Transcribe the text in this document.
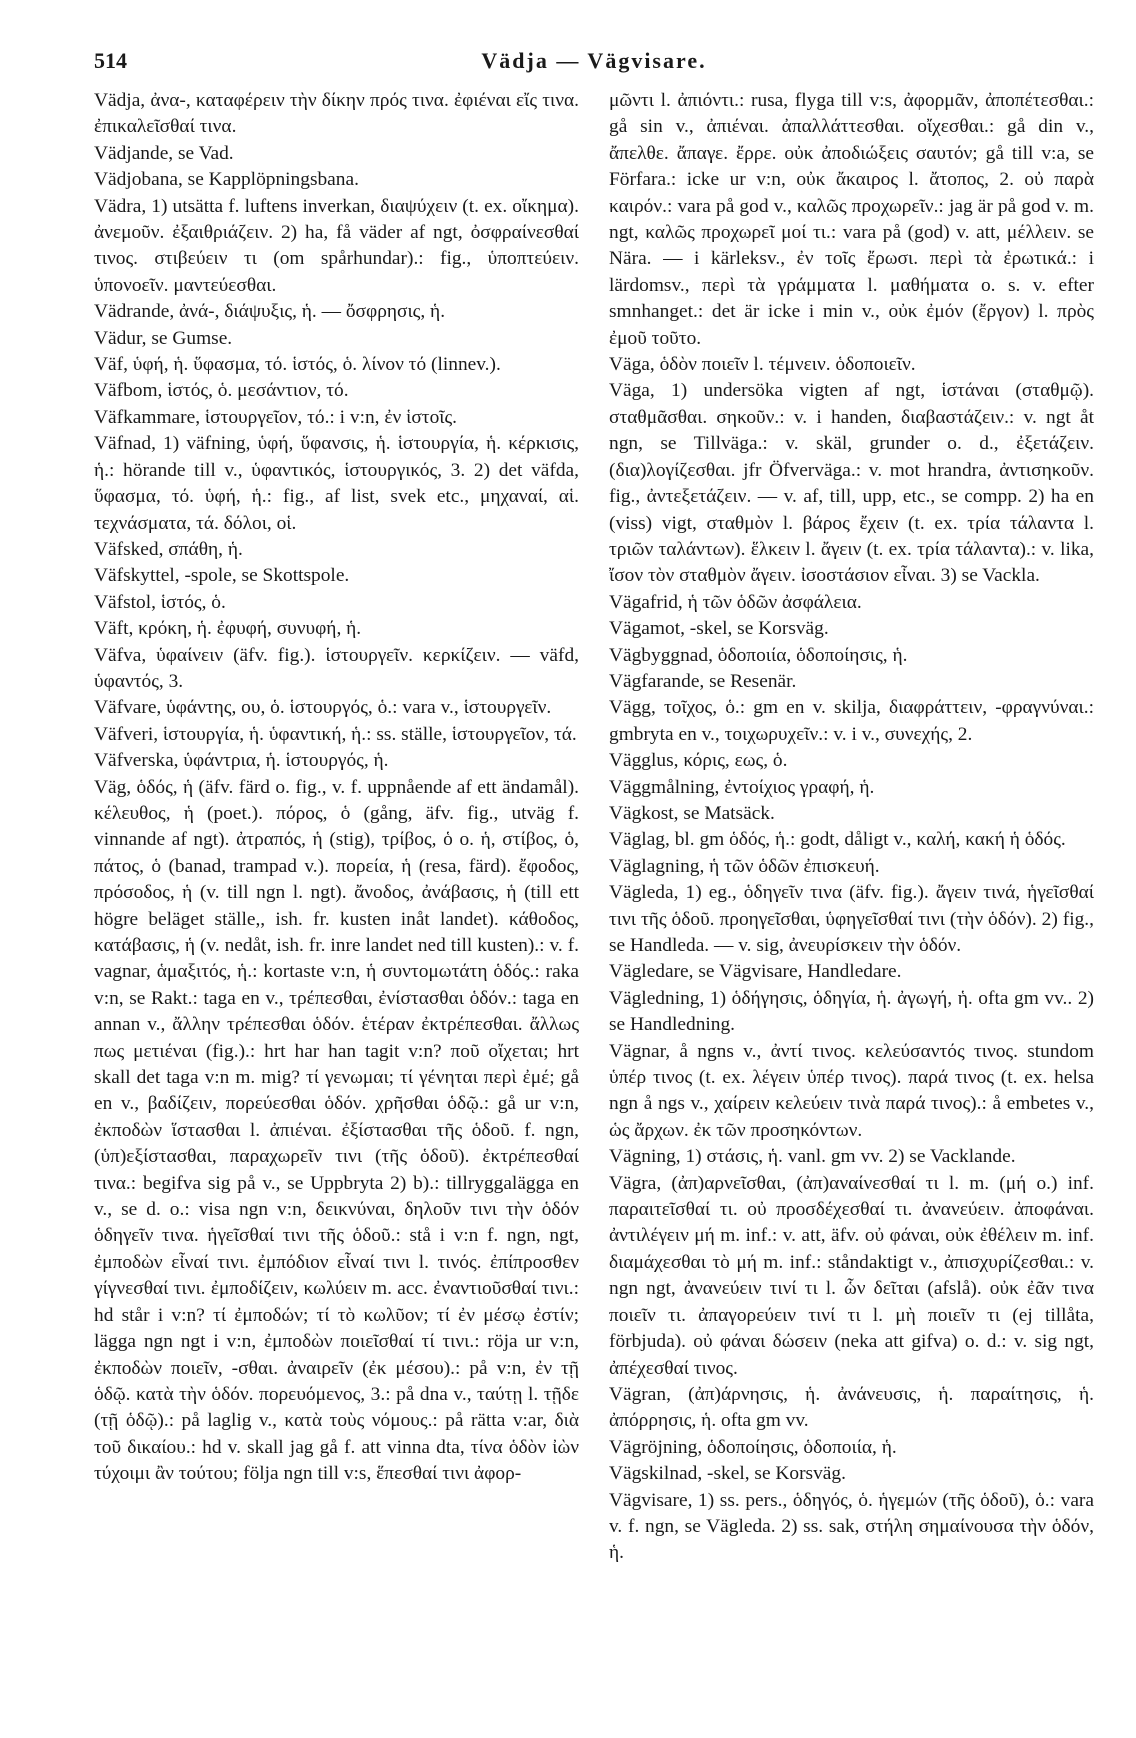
514	Vädja — Vägvisare.

Vädja, ἀνα-, καταφέρειν τὴν δίκην πρός τινα. ἐφιέναι εἴς τινα. ἐπικαλεῖσθαί τινα.

Vädjande, se Vad.

Vädjobana, se Kapplöpningsbana.

Vädra, 1) utsätta f. luftens inverkan, διαψύχειν (t. ex. οἴκημα). ἀνεμοῦν. ἐξαιθριάζειν. 2) ha, få väder af ngt, ὀσφραίνεσθαί τινος. στιβεύειν τι (om spårhundar).: fig., ὑποπτεύειν. ὑπονοεῖν. μαντεύεσθαι.

Vädrande, ἀνά-, διάψυξις, ἡ. — ὄσφρησις, ἡ.

Vädur, se Gumse.

Väf, ὑφή, ἡ. ὕφασμα, τό. ἱστός, ὁ. λίνον τό (linnev.).

Väfbom, ἱστός, ὁ. μεσάντιον, τό.

Väfkammare, ἱστουργεῖον, τό.: i v:n, ἐν ἱστοῖς.

Väfnad, 1) väfning, ὑφή, ὕφανσις, ἡ. ἱστουργία, ἡ. κέρκισις, ἡ.: hörande till v., ὑφαντικός, ἱστουργικός, 3. 2) det väfda, ὕφασμα, τό. ὑφή, ἡ.: fig., af list, svek etc., μηχαναί, αἱ. τεχνάσματα, τά. δόλοι, οἱ.

Väfsked, σπάθη, ἡ.

Väfskyttel, -spole, se Skottspole.

Väfstol, ἱστός, ὁ.

Väft, κρόκη, ἡ. ἐφυφή, συνυφή, ἡ.

Väfva, ὑφαίνειν (äfv. fig.). ἱστουργεῖν. κερκίζειν. — väfd, ὑφαντός, 3.

Väfvare, ὑφάντης, ου, ὁ. ἱστουργός, ὁ.: vara v., ἱστουργεῖν.

Väfveri, ἱστουργία, ἡ. ὑφαντική, ἡ.: ss. ställe, ἱστουργεῖον, τά.

Väfverska, ὑφάντρια, ἡ. ἱστουργός, ἡ.

Väg, ὁδός, ἡ (äfv. färd o. fig., v. f. uppnående af ett ändamål). κέλευθος, ἡ (poet.). πόρος, ὁ (gång, äfv. fig., utväg f. vinnande af ngt). ἀτραπός, ἡ (stig), τρίβος, ὁ o. ἡ, στίβος, ὁ, πάτος, ὁ (banad, trampad v.). πορεία, ἡ (resa, färd). ἔφοδος, πρόσοδος, ἡ (v. till ngn l. ngt). ἄνοδος, ἀνάβασις, ἡ (till ett högre beläget ställe,, ish. fr. kusten inåt landet). κάθοδος, κατάβασις, ἡ (v. nedåt, ish. fr. inre landet ned till kusten).: v. f. vagnar, ἁμαξιτός, ἡ.: kortaste v:n, ἡ συντομωτάτη ὁδός.: raka v:n, se Rakt.: taga en v., τρέπεσθαι, ἐνίστασθαι ὁδόν.: taga en annan v., ἄλλην τρέπεσθαι ὁδόν. ἑτέραν ἐκτρέπεσθαι. ἄλλως πως μετιέναι (fig.).: hrt har han tagit v:n? ποῦ οἴχεται; hrt skall det taga v:n m. mig? τί γενωμαι; τί γένηται περὶ ἐμέ; gå en v., βαδίζειν, πορεύεσθαι ὁδόν. χρῆσθαι ὁδῷ.: gå ur v:n, ἐκποδὼν ἵστασθαι l. ἀπιέναι. ἐξίστασθαι τῆς ὁδοῦ. f. ngn, (ὑπ)εξίστασθαι, παραχωρεῖν τινι (τῆς ὁδοῦ). ἐκτρέπεσθαί τινα.: begifva sig på v., se Uppbryta 2) b).: tillryggalägga en v., se d. o.: visa ngn v:n, δεικνύναι, δηλοῦν τινι τὴν ὁδόν ὁδηγεῖν τινα. ἡγεῖσθαί τινι τῆς ὁδοῦ.: stå i v:n f. ngn, ngt, ἐμποδὼν εἶναί τινι. ἐμπόδιον εἶναί τινι l. τινός. ἐπίπροσθεν γίγνεσθαί τινι. ἐμποδίζειν, κωλύειν m. acc. ἐναντιοῦσθαί τινι.: hd står i v:n? τί ἐμποδών; τί τὸ κωλῦον; τί ἐν μέσῳ ἐστίν; lägga ngn ngt i v:n, ἐμποδὼν ποιεῖσθαί τί τινι.: röja ur v:n, ἐκποδὼν ποιεῖν, -σθαι. ἀναιρεῖν (ἐκ μέσου).: på v:n, ἐν τῇ ὁδῷ. κατὰ τὴν ὁδόν. πορευόμενος, 3.: på dna v., ταύτῃ l. τῇδε (τῇ ὁδῷ).: på laglig v., κατὰ τοὺς νόμους.: på rätta v:ar, διὰ τοῦ δικαίου.: hd v. skall jag gå f. att vinna dta, τίνα ὁδὸν ἰὼν τύχοιμι ἂν τούτου; följa ngn till v:s, ἕπεσθαί τινι ἀφορ-

μῶντι l. ἀπιόντι.: rusa, flyga till v:s, ἀφορμᾶν, ἀποπέτεσθαι.: gå sin v., ἀπιέναι. ἀπαλλάττεσθαι. οἴχεσθαι.: gå din v., ἄπελθε. ἄπαγε. ἔρρε. οὐκ ἀποδιώξεις σαυτόν; gå till v:a, se Förfara.: icke ur v:n, οὐκ ἄκαιρος l. ἄτοπος, 2. οὐ παρὰ καιρόν.: vara på god v., καλῶς προχωρεῖν.: jag är på god v. m. ngt, καλῶς προχωρεῖ μοί τι.: vara på (god) v. att, μέλλειν. se Nära. — i kärleksv., ἐν τοῖς ἔρωσι. περὶ τὰ ἐρωτικά.: i lärdomsv., περὶ τὰ γράμματα l. μαθήματα o. s. v. efter smnhanget.: det är icke i min v., οὐκ ἐμόν (ἔργον) l. πρὸς ἐμοῦ τοῦτο.

Väga, ὁδὸν ποιεῖν l. τέμνειν. ὁδοποιεῖν.

Väga, 1) undersöka vigten af ngt, ἱστάναι (σταθμῷ). σταθμᾶσθαι. σηκοῦν.: v. i handen, διαβαστάζειν.: v. ngt åt ngn, se Tillväga.: v. skäl, grunder o. d., ἐξετάζειν. (δια)λογίζεσθαι. jfr Öfverväga.: v. mot hrandra, ἀντισηκοῦν. fig., ἀντεξετάζειν. — v. af, till, upp, etc., se compp. 2) ha en (viss) vigt, σταθμὸν l. βάρος ἔχειν (t. ex. τρία τάλαντα l. τριῶν ταλάντων). ἕλκειν l. ἄγειν (t. ex. τρία τάλαντα).: v. lika, ἴσον τὸν σταθμὸν ἄγειν. ἰσοστάσιον εἶναι. 3) se Vackla.

Vägafrid, ἡ τῶν ὁδῶν ἀσφάλεια.

Vägamot, -skel, se Korsväg.

Vägbyggnad, ὁδοποιία, ὁδοποίησις, ἡ.

Vägfarande, se Resenär.

Vägg, τοῖχος, ὁ.: gm en v. skilja, διαφράττειν, -φραγνύναι.: gmbryta en v., τοιχωρυχεῖν.: v. i v., συνεχής, 2.

Vägglus, κόρις, εως, ὁ.

Väggmålning, ἐντοίχιος γραφή, ἡ.

Vägkost, se Matsäck.

Väglag, bl. gm ὁδός, ἡ.: godt, dåligt v., καλή, κακή ἡ ὁδός.

Väglagning, ἡ τῶν ὁδῶν ἐπισκευή.

Vägleda, 1) eg., ὁδηγεῖν τινα (äfv. fig.). ἄγειν τινά, ἡγεῖσθαί τινι τῆς ὁδοῦ. προηγεῖσθαι, ὑφηγεῖσθαί τινι (τὴν ὁδόν). 2) fig., se Handleda. — v. sig, ἀνευρίσκειν τὴν ὁδόν.

Vägledare, se Vägvisare, Handledare.

Vägledning, 1) ὁδήγησις, ὁδηγία, ἡ. ἀγωγή, ἡ. ofta gm vv.. 2) se Handledning.

Vägnar, å ngns v., ἀντί τινος. κελεύσαντός τινος. stundom ὑπέρ τινος (t. ex. λέγειν ὑπέρ τινος). παρά τινος (t. ex. helsa ngn å ngs v., χαίρειν κελεύειν τινὰ παρά τινος).: å embetes v., ὡς ἄρχων. ἐκ τῶν προσηκόντων.

Vägning, 1) στάσις, ἡ. vanl. gm vv. 2) se Vacklande.

Vägra, (ἀπ)αρνεῖσθαι, (ἀπ)αναίνεσθαί τι l. m. (μή o.) inf. παραιτεῖσθαί τι. οὐ προσδέχεσθαί τι. ἀνανεύειν. ἀποφάναι. ἀντιλέγειν μή m. inf.: v. att, äfv. οὐ φάναι, οὐκ ἐθέλειν m. inf. διαμάχεσθαι τὸ μή m. inf.: ståndaktigt v., ἀπισχυρίζεσθαι.: v. ngn ngt, ἀνανεύειν τινί τι l. ὧν δεῖται (afslå). οὐκ ἐᾶν τινα ποιεῖν τι. ἀπαγορεύειν τινί τι l. μὴ ποιεῖν τι (ej tillåta, förbjuda). οὐ φάναι δώσειν (neka att gifva) o. d.: v. sig ngt, ἀπέχεσθαί τινος.

Vägran, (ἀπ)άρνησις, ἡ. ἀνάνευσις, ἡ. παραίτησις, ἡ. ἀπόρρησις, ἡ. ofta gm vv.

Vägröjning, ὁδοποίησις, ὁδοποιία, ἡ.

Vägskilnad, -skel, se Korsväg.

Vägvisare, 1) ss. pers., ὁδηγός, ὁ. ἡγεμών (τῆς ὁδοῦ), ὁ.: vara v. f. ngn, se Vägleda. 2) ss. sak, στήλη σημαίνουσα τὴν ὁδόν, ἡ.
